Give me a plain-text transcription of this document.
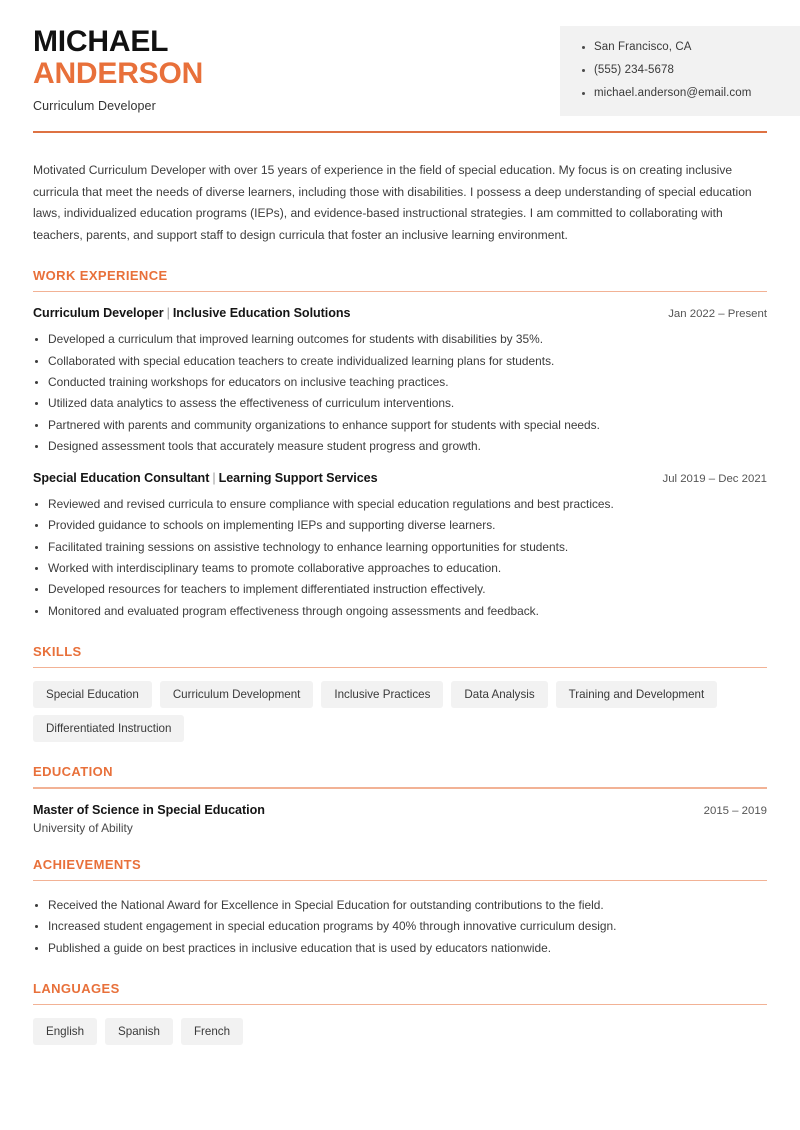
San Francisco, CA
(555) 234-5678
michael.anderson@email.com
MICHAEL
ANDERSON
Curriculum Developer
Motivated Curriculum Developer with over 15 years of experience in the field of special education. My focus is on creating inclusive curricula that meet the needs of diverse learners, including those with disabilities. I possess a deep understanding of special education laws, individualized education programs (IEPs), and evidence-based instructional strategies. I am committed to collaborating with teachers, parents, and support staff to design curricula that foster an inclusive learning environment.
WORK EXPERIENCE
Curriculum Developer | Inclusive Education Solutions	Jan 2022 – Present
Developed a curriculum that improved learning outcomes for students with disabilities by 35%.
Collaborated with special education teachers to create individualized learning plans for students.
Conducted training workshops for educators on inclusive teaching practices.
Utilized data analytics to assess the effectiveness of curriculum interventions.
Partnered with parents and community organizations to enhance support for students with special needs.
Designed assessment tools that accurately measure student progress and growth.
Special Education Consultant | Learning Support Services	Jul 2019 – Dec 2021
Reviewed and revised curricula to ensure compliance with special education regulations and best practices.
Provided guidance to schools on implementing IEPs and supporting diverse learners.
Facilitated training sessions on assistive technology to enhance learning opportunities for students.
Worked with interdisciplinary teams to promote collaborative approaches to education.
Developed resources for teachers to implement differentiated instruction effectively.
Monitored and evaluated program effectiveness through ongoing assessments and feedback.
SKILLS
Special Education	Curriculum Development	Inclusive Practices	Data Analysis	Training and Development
Differentiated Instruction
EDUCATION
Master of Science in Special Education	2015 – 2019
University of Ability
ACHIEVEMENTS
Received the National Award for Excellence in Special Education for outstanding contributions to the field.
Increased student engagement in special education programs by 40% through innovative curriculum design.
Published a guide on best practices in inclusive education that is used by educators nationwide.
LANGUAGES
English	Spanish	French
